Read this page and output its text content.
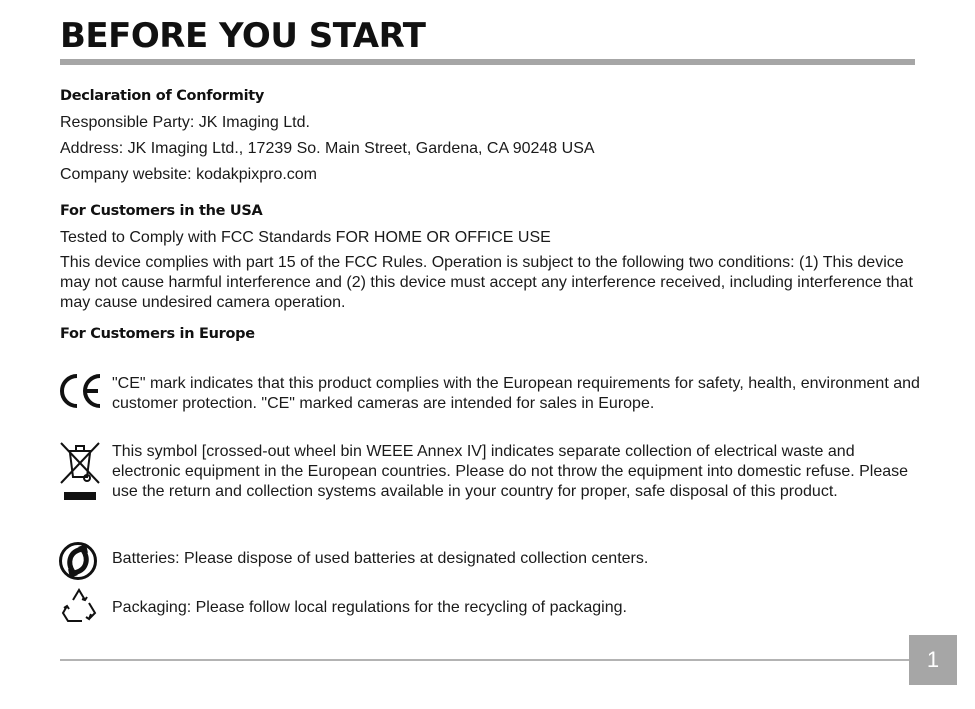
BEFORE YOU START
Declaration of Conformity
Responsible Party: JK Imaging Ltd.
Address: JK Imaging Ltd., 17239 So. Main Street, Gardena, CA 90248 USA
Company website: kodakpixpro.com
For Customers in the USA
Tested to Comply with FCC Standards FOR HOME OR OFFICE USE
This device complies with part 15 of the FCC Rules. Operation is subject to the following two conditions: (1) This device may not cause harmful interference and (2) this device must accept any interference received, including interference that may cause undesired camera operation.
For Customers in Europe
"CE" mark indicates that this product complies with the European requirements for safety, health, environment and customer protection. "CE" marked cameras are intended for sales in Europe.
This symbol [crossed-out wheel bin WEEE Annex IV] indicates separate collection of electrical waste and electronic equipment in the European countries. Please do not throw the equipment into domestic refuse. Please use the return and collection systems available in your country for proper, safe disposal of this product.
Batteries: Please dispose of used batteries at designated collection centers.
Packaging: Please follow local regulations for the recycling of packaging.
1
